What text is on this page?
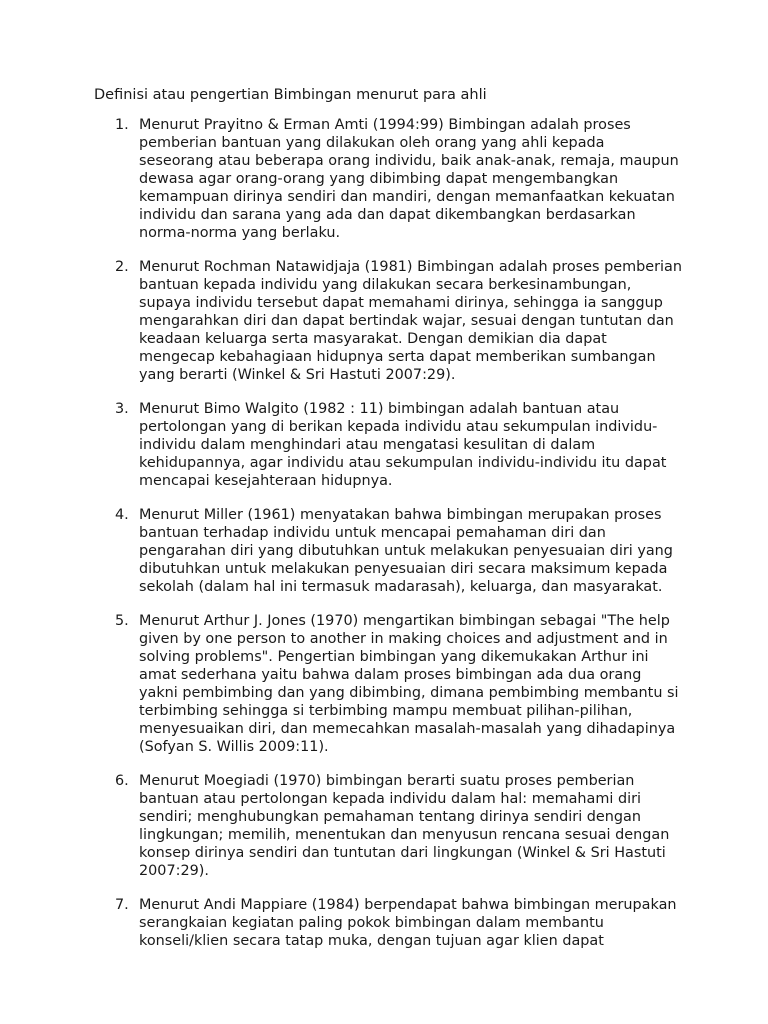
Definisi atau pengertian Bimbingan menurut para ahli
1. Menurut Prayitno & Erman Amti (1994:99) Bimbingan adalah proses
pemberian bantuan yang dilakukan oleh orang yang ahli kepada
seseorang atau beberapa orang individu, baik anak-anak, remaja, maupun
dewasa agar orang-orang yang dibimbing dapat mengembangkan
kemampuan dirinya sendiri dan mandiri, dengan memanfaatkan kekuatan
individu dan sarana yang ada dan dapat dikembangkan berdasarkan
norma-norma yang berlaku.
2. Menurut Rochman Natawidjaja (1981) Bimbingan adalah proses pemberian
bantuan kepada individu yang dilakukan secara berkesinambungan,
supaya individu tersebut dapat memahami dirinya, sehingga ia sanggup
mengarahkan diri dan dapat bertindak wajar, sesuai dengan tuntutan dan
keadaan keluarga serta masyarakat. Dengan demikian dia dapat
mengecap kebahagiaan hidupnya serta dapat memberikan sumbangan
yang berarti (Winkel & Sri Hastuti 2007:29).
3. Menurut Bimo Walgito (1982 : 11) bimbingan adalah bantuan atau
pertolongan yang di berikan kepada individu atau sekumpulan individu-
individu dalam menghindari atau mengatasi kesulitan di dalam
kehidupannya, agar individu atau sekumpulan individu-individu itu dapat
mencapai kesejahteraan hidupnya.
4. Menurut Miller (1961) menyatakan bahwa bimbingan merupakan proses
bantuan terhadap individu untuk mencapai pemahaman diri dan
pengarahan diri yang dibutuhkan untuk melakukan penyesuaian diri yang
dibutuhkan untuk melakukan penyesuaian diri secara maksimum kepada
sekolah (dalam hal ini termasuk madarasah), keluarga, dan masyarakat.
5. Menurut Arthur J. Jones (1970) mengartikan bimbingan sebagai "The help
given by one person to another in making choices and adjustment and in
solving problems". Pengertian bimbingan yang dikemukakan Arthur ini
amat sederhana yaitu bahwa dalam proses bimbingan ada dua orang
yakni pembimbing dan yang dibimbing, dimana pembimbing membantu si
terbimbing sehingga si terbimbing mampu membuat pilihan-pilihan,
menyesuaikan diri, dan memecahkan masalah-masalah yang dihadapinya
(Sofyan S. Willis 2009:11).
6. Menurut Moegiadi (1970) bimbingan berarti suatu proses pemberian
bantuan atau pertolongan kepada individu dalam hal: memahami diri
sendiri; menghubungkan pemahaman tentang dirinya sendiri dengan
lingkungan; memilih, menentukan dan menyusun rencana sesuai dengan
konsep dirinya sendiri dan tuntutan dari lingkungan (Winkel & Sri Hastuti
2007:29).
7. Menurut Andi Mappiare (1984) berpendapat bahwa bimbingan merupakan
serangkaian kegiatan paling pokok bimbingan dalam membantu
konseli/klien secara tatap muka, dengan tujuan agar klien dapat
